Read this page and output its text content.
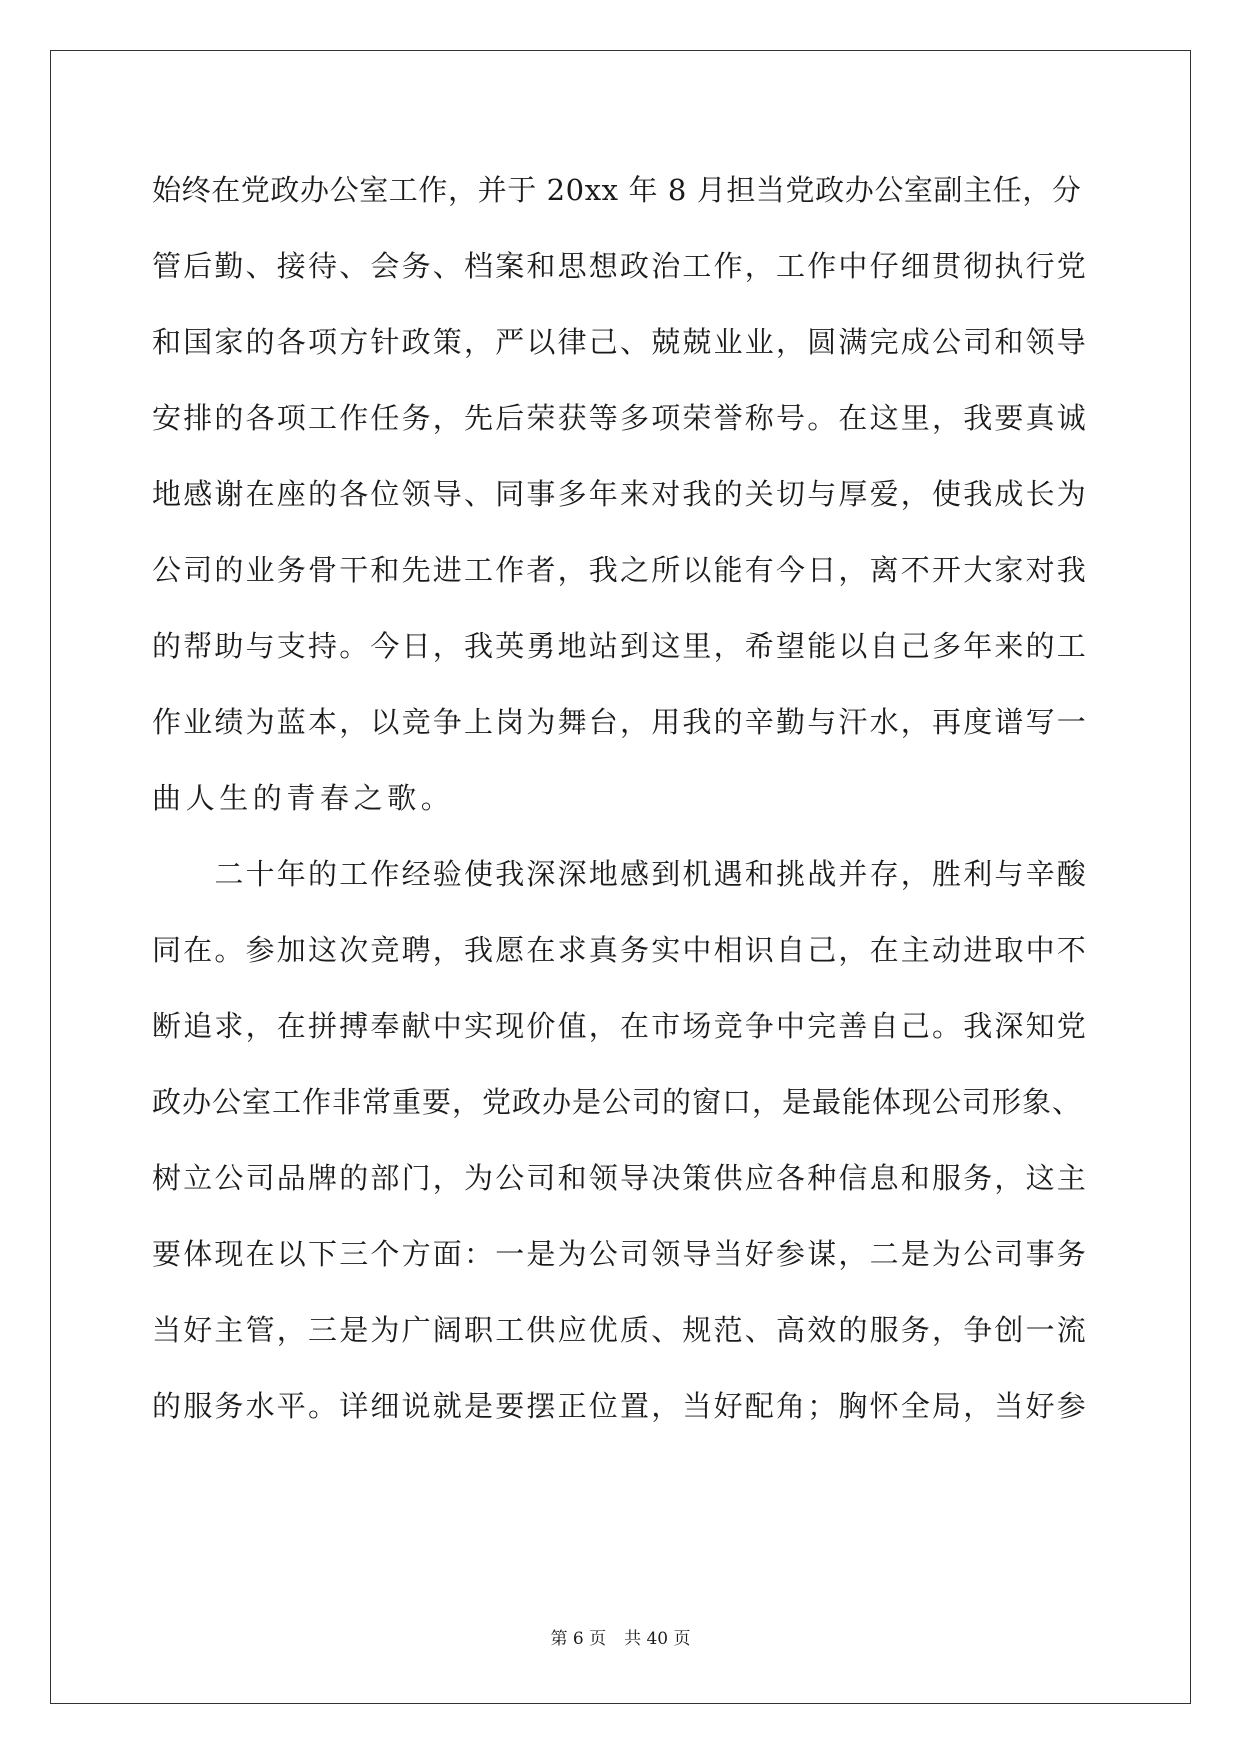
始终在党政办公室工作，并于 20xx 年 8 月担当党政办公室副主任，分

管后勤、接待、会务、档案和思想政治工作，工作中仔细贯彻执行党

和国家的各项方针政策，严以律己、兢兢业业，圆满完成公司和领导

安排的各项工作任务，先后荣获等多项荣誉称号。在这里，我要真诚

地感谢在座的各位领导、同事多年来对我的关切与厚爱，使我成长为

公司的业务骨干和先进工作者，我之所以能有今日，离不开大家对我

的帮助与支持。今日，我英勇地站到这里，希望能以自己多年来的工

作业绩为蓝本，以竞争上岗为舞台，用我的辛勤与汗水，再度谱写一

曲人生的青春之歌。

　　二十年的工作经验使我深深地感到机遇和挑战并存，胜利与辛酸

同在。参加这次竞聘，我愿在求真务实中相识自己，在主动进取中不

断追求，在拼搏奉献中实现价值，在市场竞争中完善自己。我深知党

政办公室工作非常重要，党政办是公司的窗口，是最能体现公司形象、

树立公司品牌的部门，为公司和领导决策供应各种信息和服务，这主

要体现在以下三个方面：一是为公司领导当好参谋，二是为公司事务

当好主管，三是为广阔职工供应优质、规范、高效的服务，争创一流

的服务水平。详细说就是要摆正位置，当好配角；胸怀全局，当好参

第 6 页 共 40 页
